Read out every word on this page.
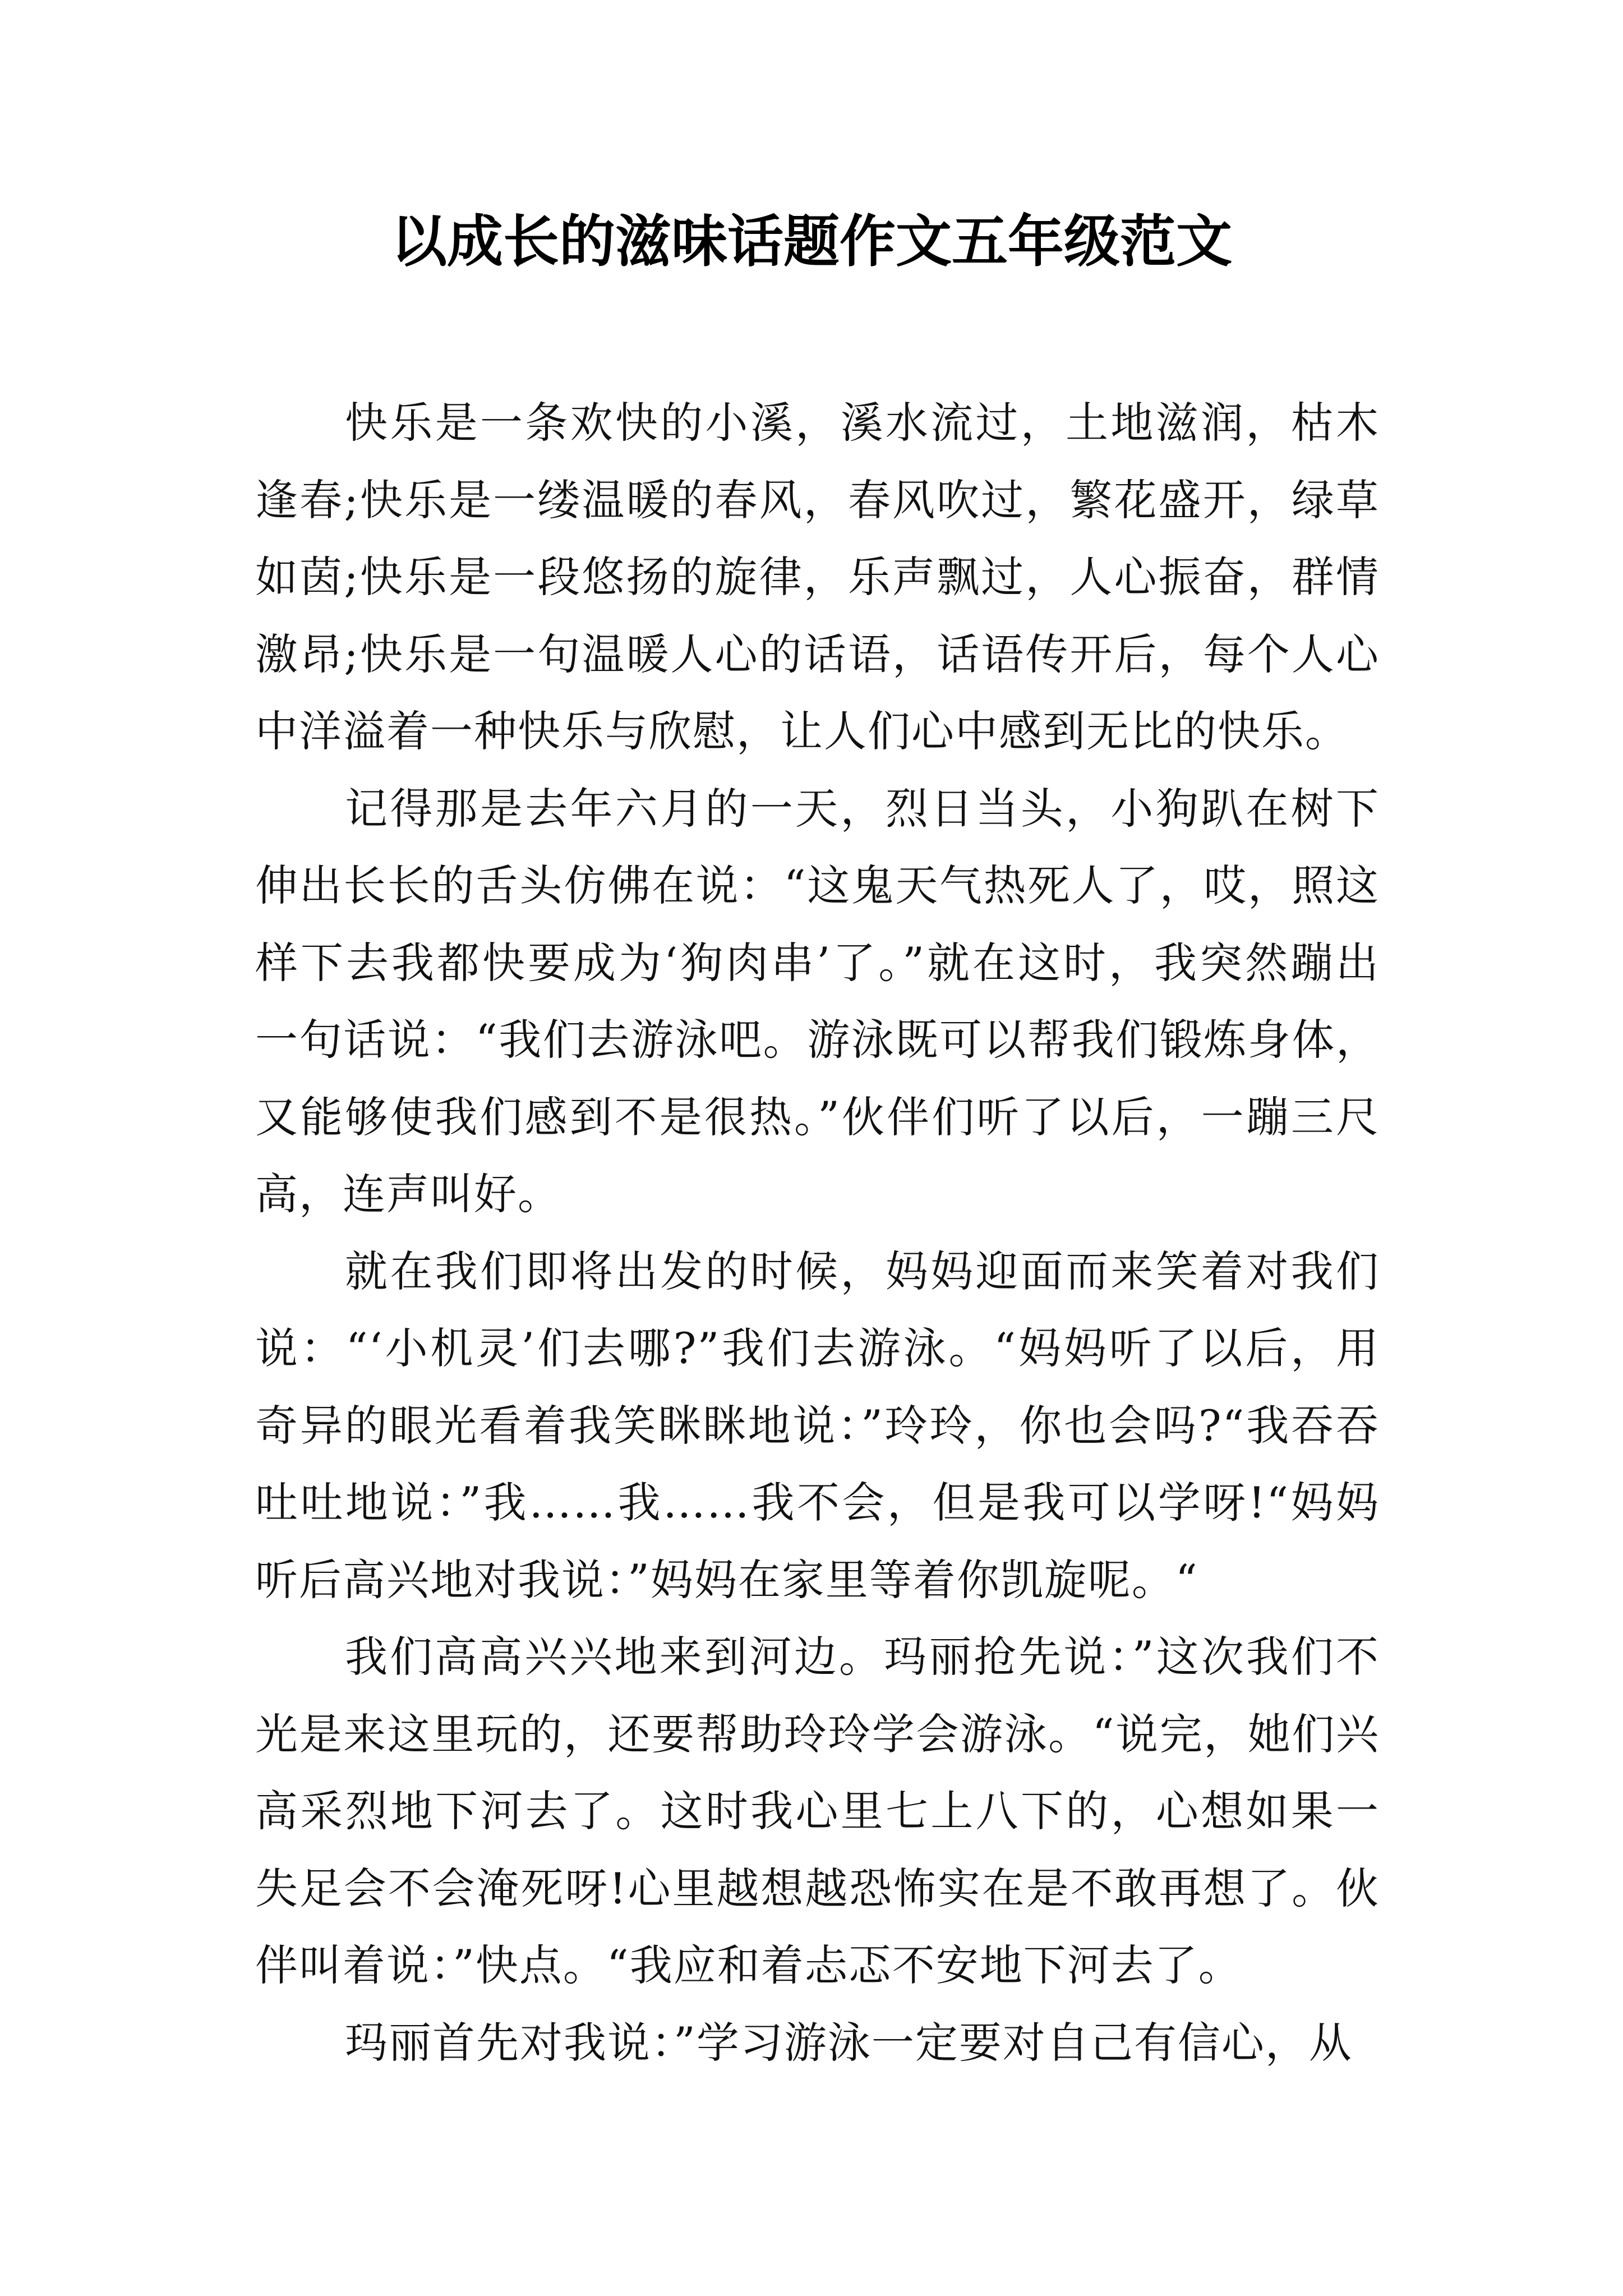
以成长的滋味话题作文五年级范文

快乐是一条欢快的小溪，溪水流过，土地滋润，枯木逢春;快乐是一缕温暖的春风，春风吹过，繁花盛开，绿草如茵;快乐是一段悠扬的旋律，乐声飘过，人心振奋，群情激昂;快乐是一句温暖人心的话语，话语传开后，每个人心中洋溢着一种快乐与欣慰，让人们心中感到无比的快乐。

记得那是去年六月的一天，烈日当头，小狗趴在树下伸出长长的舌头仿佛在说：“这鬼天气热死人了，哎，照这样下去我都快要成为‘狗肉串’了。”就在这时，我突然蹦出一句话说：“我们去游泳吧。游泳既可以帮我们锻炼身体，又能够使我们感到不是很热。”伙伴们听了以后，一蹦三尺高，连声叫好。

就在我们即将出发的时候，妈妈迎面而来笑着对我们说：“‘小机灵’们去哪?”我们去游泳。“妈妈听了以后，用奇异的眼光看着我笑眯眯地说：”玲玲，你也会吗?“我吞吞吐吐地说：”我……我……我不会，但是我可以学呀!“妈妈听后高兴地对我说：”妈妈在家里等着你凯旋呢。“

我们高高兴兴地来到河边。玛丽抢先说：”这次我们不光是来这里玩的，还要帮助玲玲学会游泳。“说完，她们兴高采烈地下河去了。这时我心里七上八下的，心想如果一失足会不会淹死呀!心里越想越恐怖实在是不敢再想了。伙伴叫着说：”快点。“我应和着忐忑不安地下河去了。

玛丽首先对我说：”学习游泳一定要对自己有信心，从
